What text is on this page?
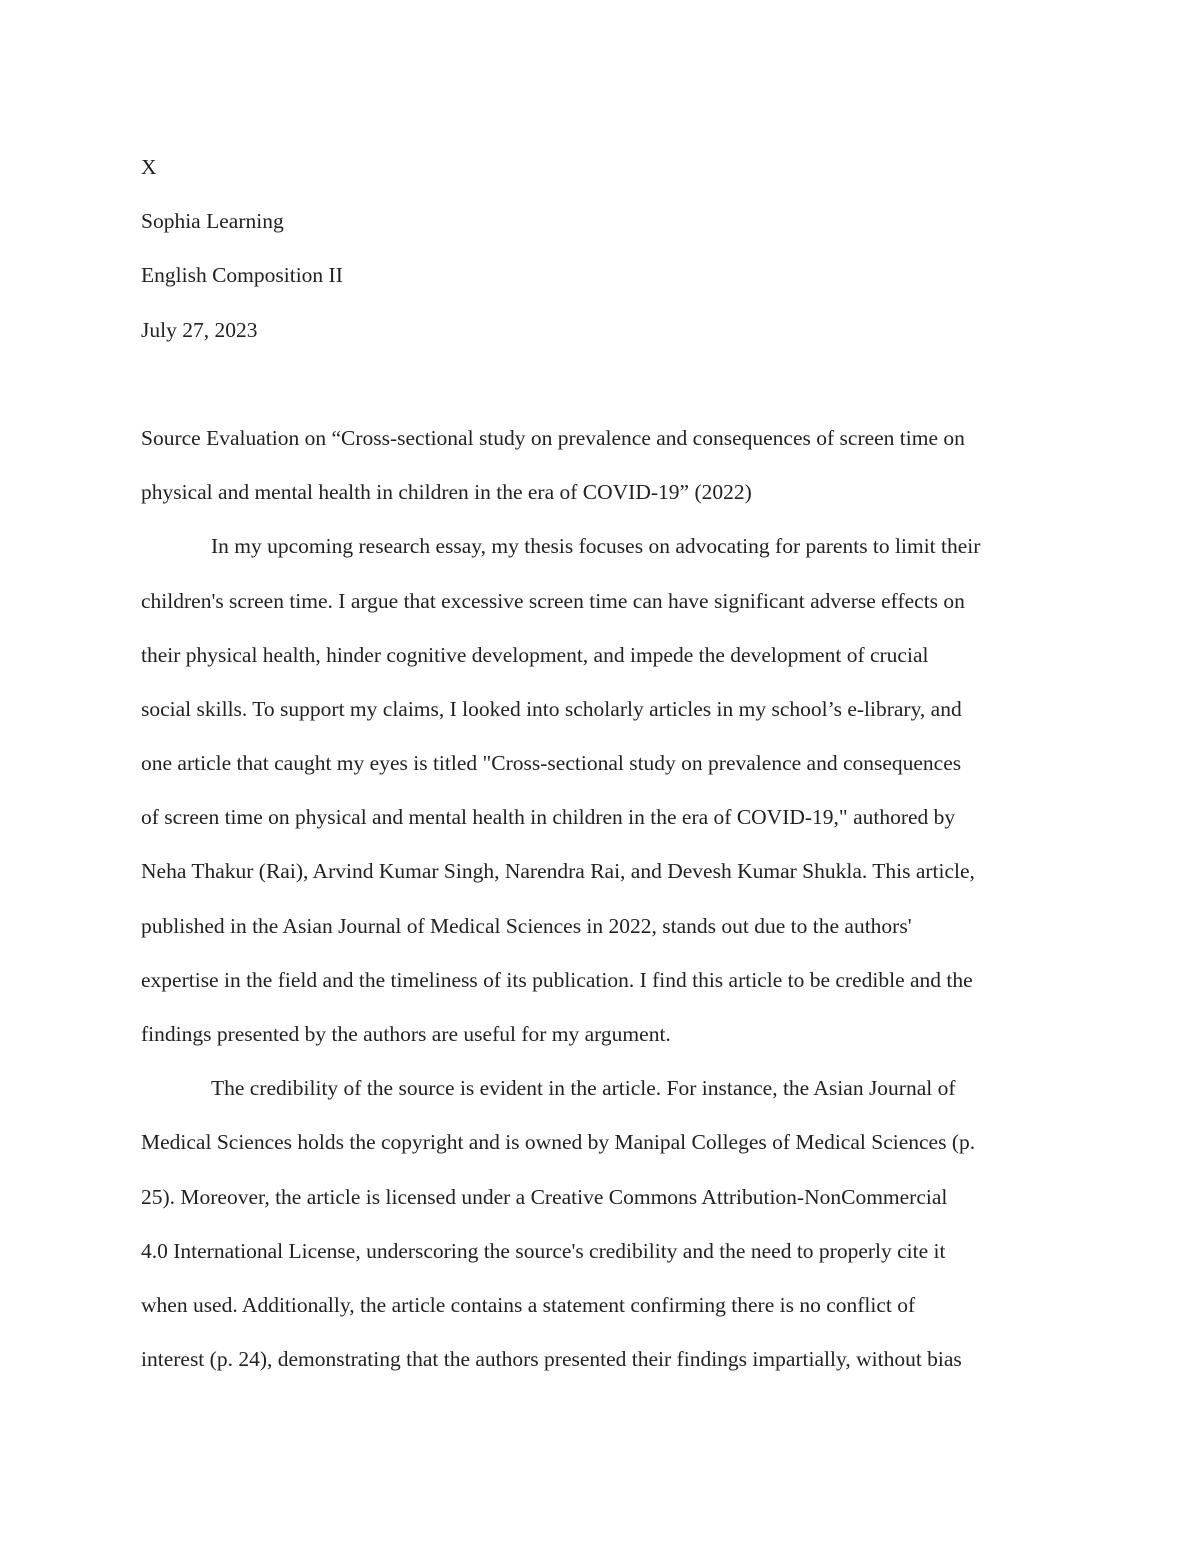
X
Sophia Learning
English Composition II
July 27, 2023
Source Evaluation on “Cross-sectional study on prevalence and consequences of screen time on
physical and mental health in children in the era of COVID-19” (2022)
In my upcoming research essay, my thesis focuses on advocating for parents to limit their
children's screen time. I argue that excessive screen time can have significant adverse effects on
their physical health, hinder cognitive development, and impede the development of crucial
social skills. To support my claims, I looked into scholarly articles in my school’s e-library, and
one article that caught my eyes is titled "Cross-sectional study on prevalence and consequences
of screen time on physical and mental health in children in the era of COVID-19," authored by
Neha Thakur (Rai), Arvind Kumar Singh, Narendra Rai, and Devesh Kumar Shukla. This article,
published in the Asian Journal of Medical Sciences in 2022, stands out due to the authors'
expertise in the field and the timeliness of its publication. I find this article to be credible and the
findings presented by the authors are useful for my argument.
The credibility of the source is evident in the article. For instance, the Asian Journal of
Medical Sciences holds the copyright and is owned by Manipal Colleges of Medical Sciences (p.
25). Moreover, the article is licensed under a Creative Commons Attribution-NonCommercial
4.0 International License, underscoring the source's credibility and the need to properly cite it
when used. Additionally, the article contains a statement confirming there is no conflict of
interest (p. 24), demonstrating that the authors presented their findings impartially, without bias
